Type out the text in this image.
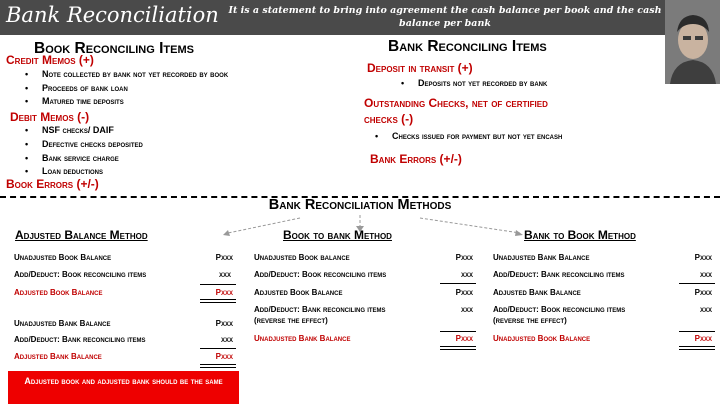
Bank Reconciliation It is a statement to bring into agreement the cash balance per book and the cash balance per bank
Book Reconciling Items
Credit Memos (+)
• Note collected by bank not yet recorded by book
• Proceeds of bank loan
• Matured time deposits
Debit Memos (-)
• NSF checks/ DAIF
• Defective checks deposited
• Bank service charge
• Loan deductions
Book Errors (+/-)
Bank Reconciling Items
Deposit in transit (+)
• Deposits not yet recorded by bank
Outstanding Checks, net of certified
checks (-)
• Checks issued for payment but not yet encash
Bank Errors (+/-)
Bank Reconciliation Methods
Adjusted Balance Method	Book to bank Method	Bank to Book Method
Unadjusted Book Balance	Pxxx
Add/Deduct: Book reconciling items	xxx
Adjusted Book Balance	Pxxx
Unadjusted Bank Balance	Pxxx
Add/Deduct: Bank reconciling items	xxx
Adjusted Bank Balance	Pxxx
Adjusted book and adjusted bank should be the same
Unadjusted Book balance	Pxxx
Add/Deduct: Book reconciling items	xxx
Adjusted Book Balance	Pxxx
Add/Deduct: Bank reconciling items
(reverse the effect)
xxx
Unadjusted Bank Balance	Pxxx
Unadjusted Bank Balance	Pxxx
Add/Deduct: Bank reconciling items	xxx
Adjusted Bank Balance	Pxxx
Add/Deduct: Book reconciling items
(reverse the effect)
xxx
Unadjusted Book Balance	Pxxx
